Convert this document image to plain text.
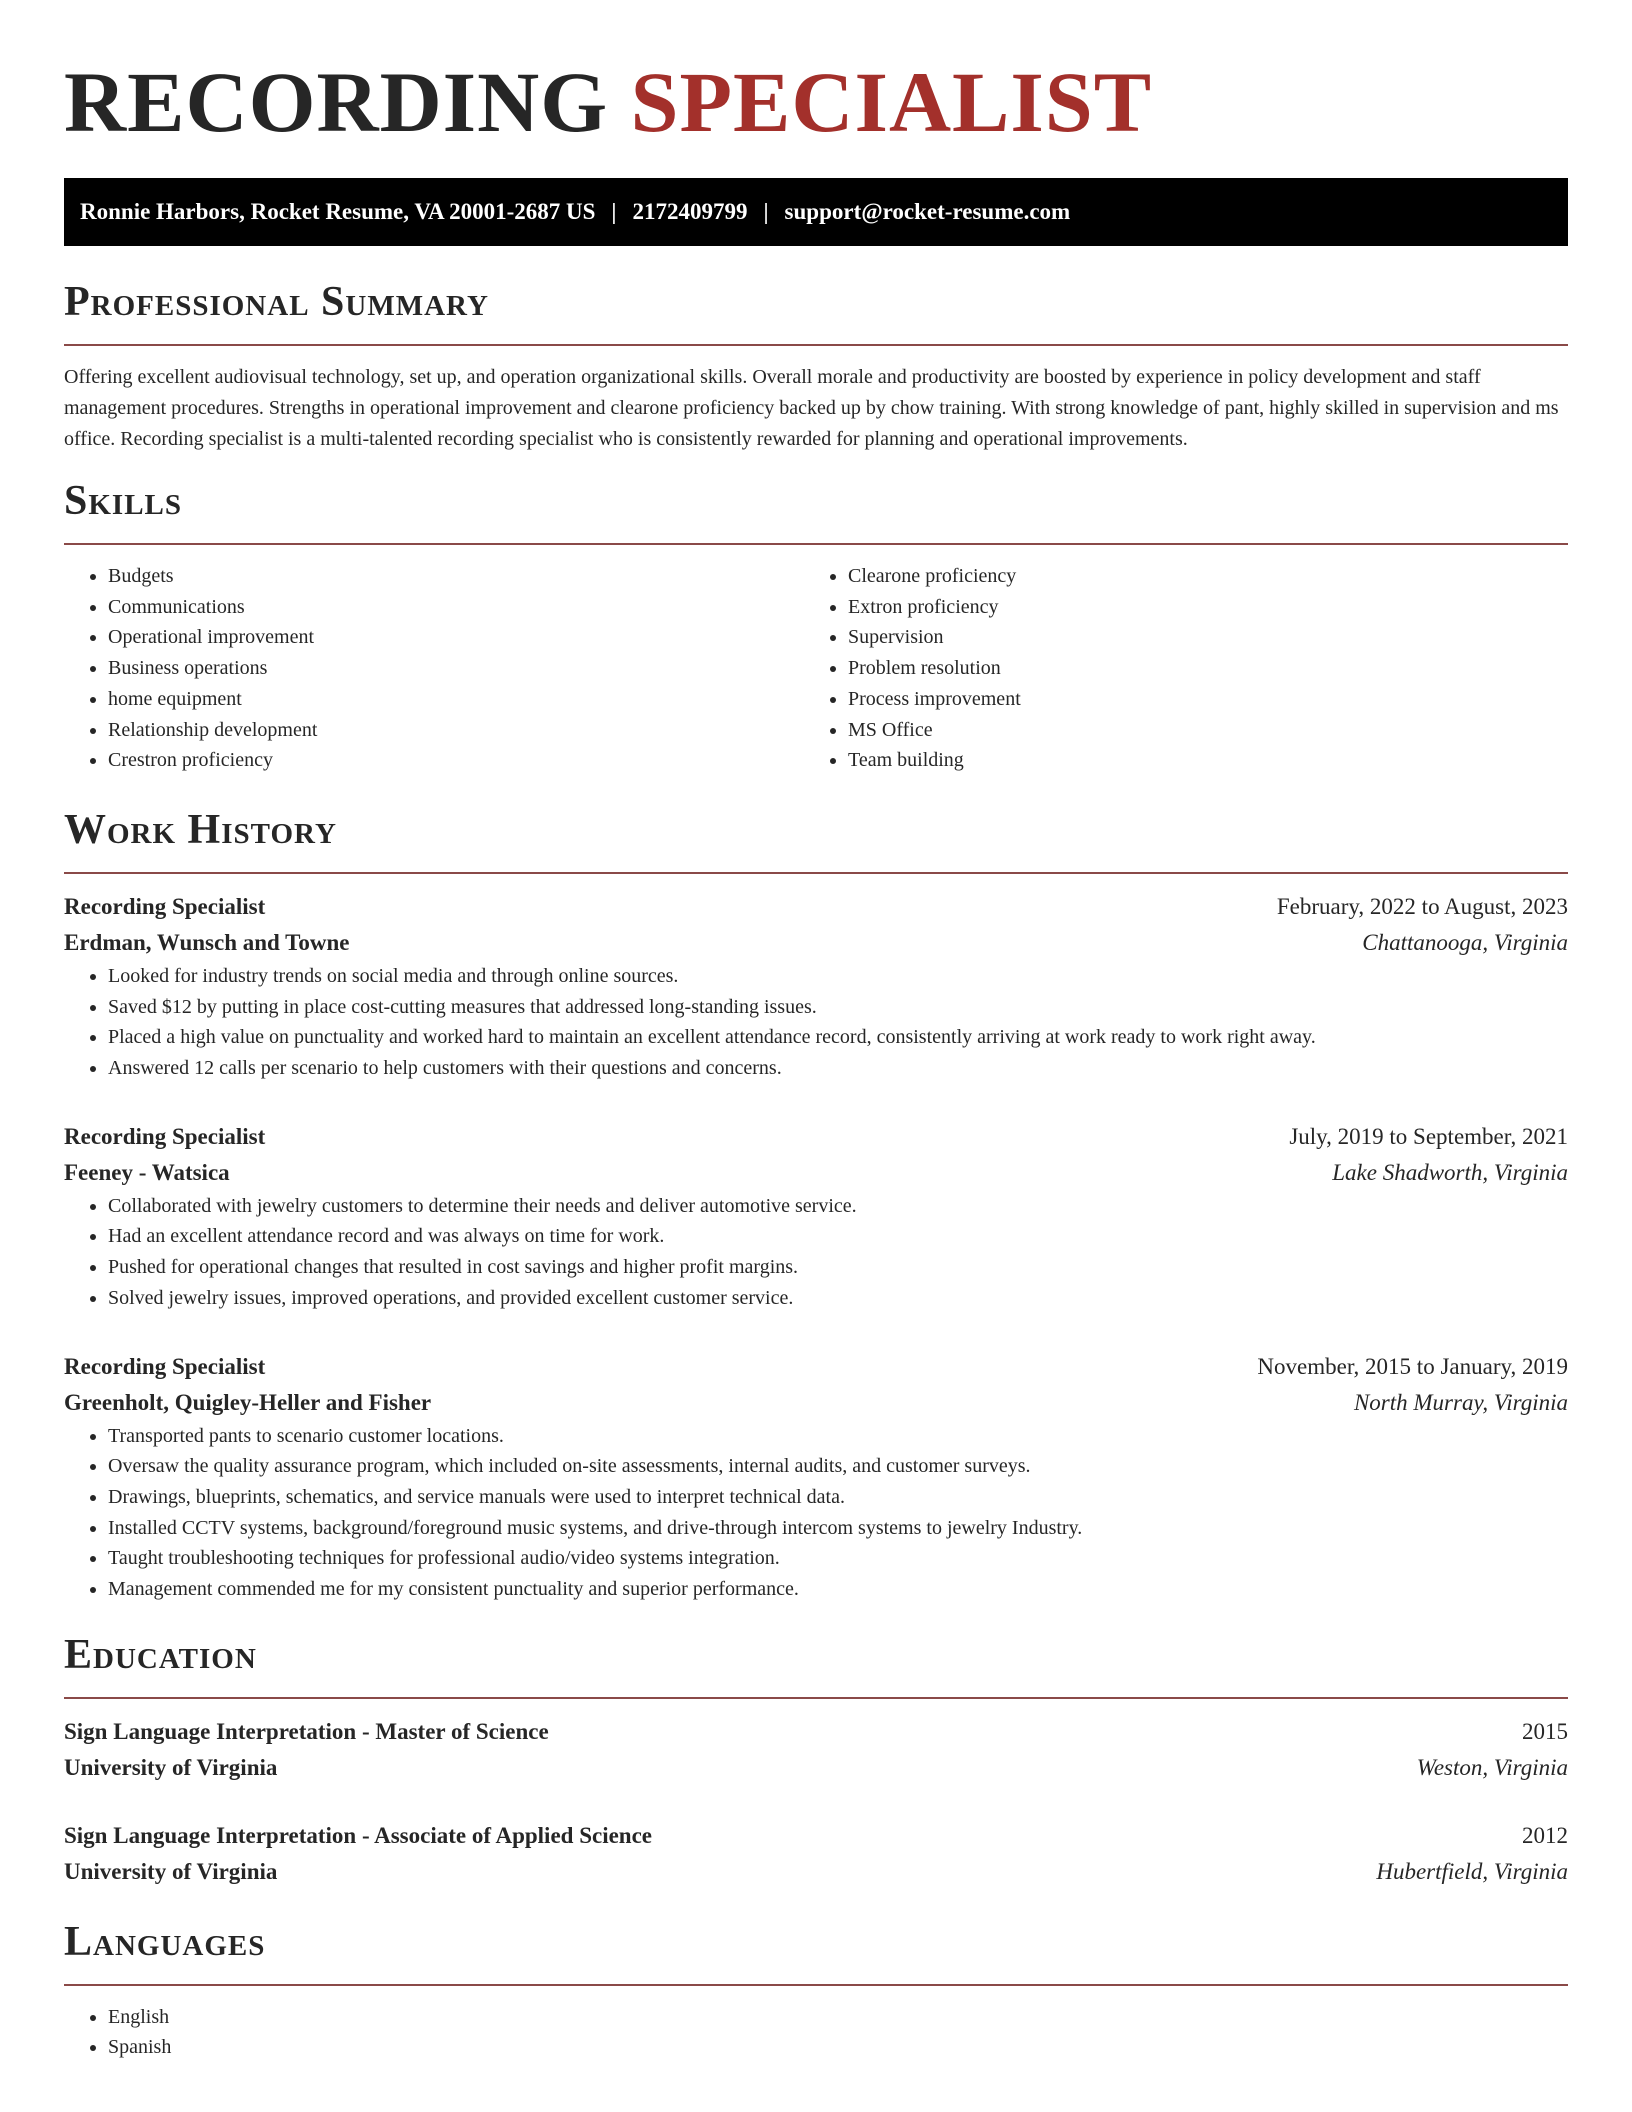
RECORDING SPECIALIST
Ronnie Harbors, Rocket Resume, VA 20001-2687 US | 2172409799 | support@rocket-resume.com
Professional Summary

Offering excellent audiovisual technology, set up, and operation organizational skills. Overall morale and productivity are boosted by experience in policy development and staff management procedures. Strengths in operational improvement and clearone proficiency backed up by chow training. With strong knowledge of pant, highly skilled in supervision and ms office. Recording specialist is a multi-talented recording specialist who is consistently rewarded for planning and operational improvements.

Skills
• Budgets
• Communications
• Operational improvement
• Business operations
• home equipment
• Relationship development
• Crestron proficiency
• Clearone proficiency
• Extron proficiency
• Supervision
• Problem resolution
• Process improvement
• MS Office
• Team building
Work History
Recording Specialist	February, 2022 to August, 2023
Erdman, Wunsch and Towne	Chattanooga, Virginia
• Looked for industry trends on social media and through online sources.
• Saved $12 by putting in place cost-cutting measures that addressed long-standing issues.
• Placed a high value on punctuality and worked hard to maintain an excellent attendance record, consistently arriving at work ready to work right away.
• Answered 12 calls per scenario to help customers with their questions and concerns.
Recording Specialist	July, 2019 to September, 2021
Feeney - Watsica	Lake Shadworth, Virginia
• Collaborated with jewelry customers to determine their needs and deliver automotive service.
• Had an excellent attendance record and was always on time for work.
• Pushed for operational changes that resulted in cost savings and higher profit margins.
• Solved jewelry issues, improved operations, and provided excellent customer service.
Recording Specialist	November, 2015 to January, 2019
Greenholt, Quigley-Heller and Fisher	North Murray, Virginia
• Transported pants to scenario customer locations.
• Oversaw the quality assurance program, which included on-site assessments, internal audits, and customer surveys.
• Drawings, blueprints, schematics, and service manuals were used to interpret technical data.
• Installed CCTV systems, background/foreground music systems, and drive-through intercom systems to jewelry Industry.
• Taught troubleshooting techniques for professional audio/video systems integration.
• Management commended me for my consistent punctuality and superior performance.
Education
Sign Language Interpretation - Master of Science	2015
University of Virginia	Weston, Virginia
Sign Language Interpretation - Associate of Applied Science	2012
University of Virginia	Hubertfield, Virginia
Languages
• English
• Spanish
